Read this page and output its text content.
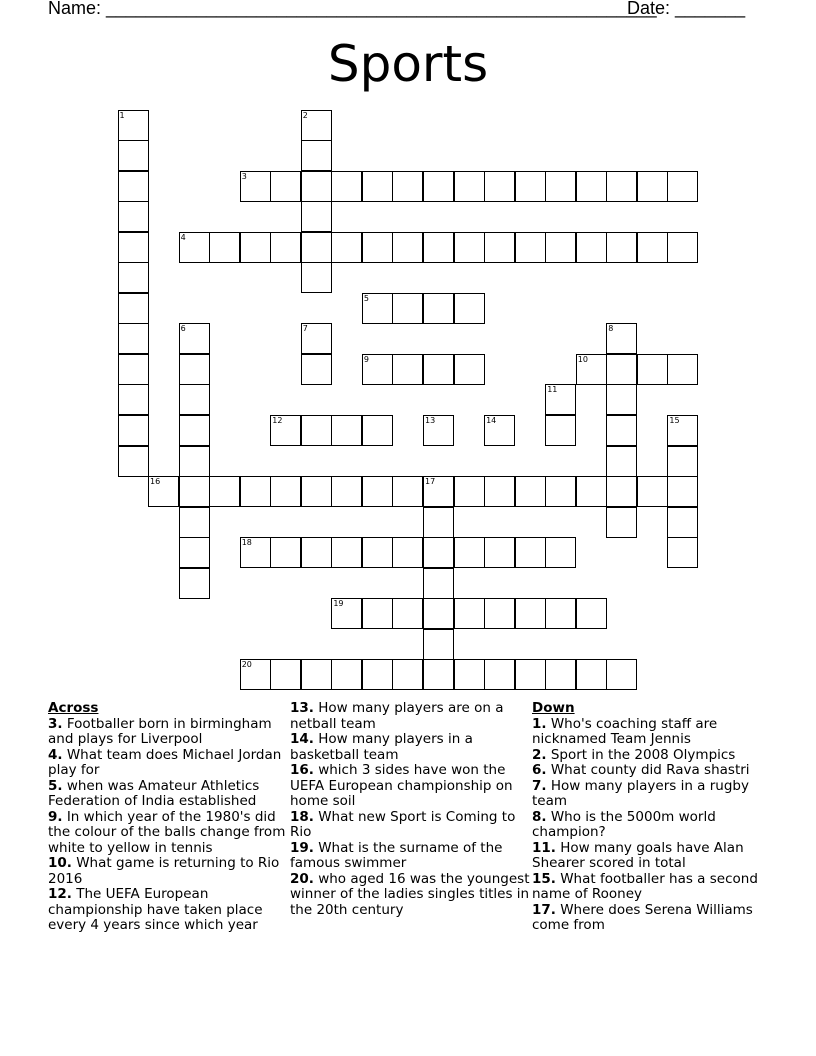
Name: _______________________________________________________
Date: _______
Sports
1	2
3
4
5
6	7	8
9	10
11
12	13	14	15
16	17
18
19
20
Across

3. Footballer born in birmingham and plays for Liverpool

4. What team does Michael Jordan play for

5. when was Amateur Athletics Federation of India established

9. In which year of the 1980's did the colour of the balls change from white to yellow in tennis

10. What game is returning to Rio 2016

12. The UEFA European championship have taken place every 4 years since which year

13. How many players are on a netball team

14. How many players in a basketball team

16. which 3 sides have won the UEFA European championship on home soil

18. What new Sport is Coming to Rio

19. What is the surname of the famous swimmer

20. who aged 16 was the youngest winner of the ladies singles titles in the 20th century

Down

1. Who's coaching staff are nicknamed Team Jennis

2. Sport in the 2008 Olympics

6. What county did Rava shastri

7. How many players in a rugby team

8. Who is the 5000m world champion?

11. How many goals have Alan Shearer scored in total

15. What footballer has a second name of Rooney

17. Where does Serena Williams come from
